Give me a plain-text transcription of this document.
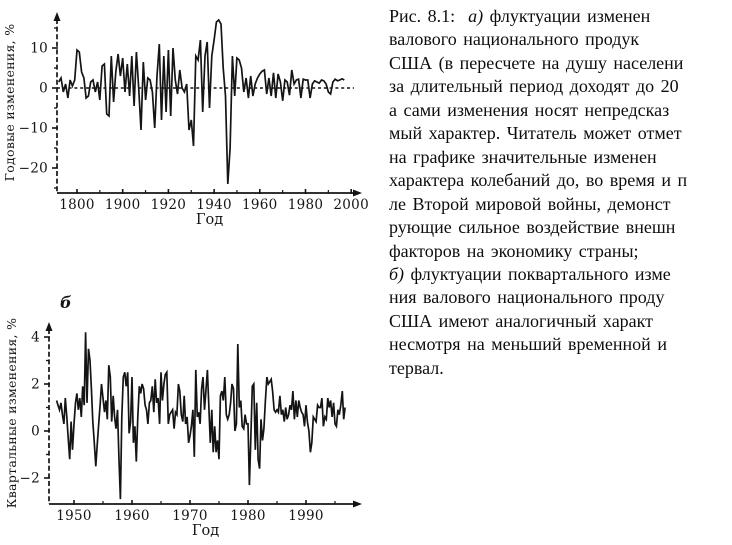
10
0
−10
−20
1800 1900 1920 1940 1960 1980 2000
Год
Годовые изменения, %
4
2
0
−2
1950 1960 1970 1980 1990
Год
Квартальные изменения, %
б
Рис. 8.1:  а) флуктуации изменен
валового национального продук
США (в пересчете на душу населени
за длительный период доходят до 20
а сами изменения носят непредсказ
мый характер. Читатель может отмет
на графике значительные изменен
характера колебаний до, во время и п
ле Второй мировой войны, демонст
рующие сильное воздействие внешн
факторов на экономику страны;
б) флуктуации поквартального изме
ния валового национального проду
США имеют аналогичный характ
несмотря на меньший временной и
тервал.
